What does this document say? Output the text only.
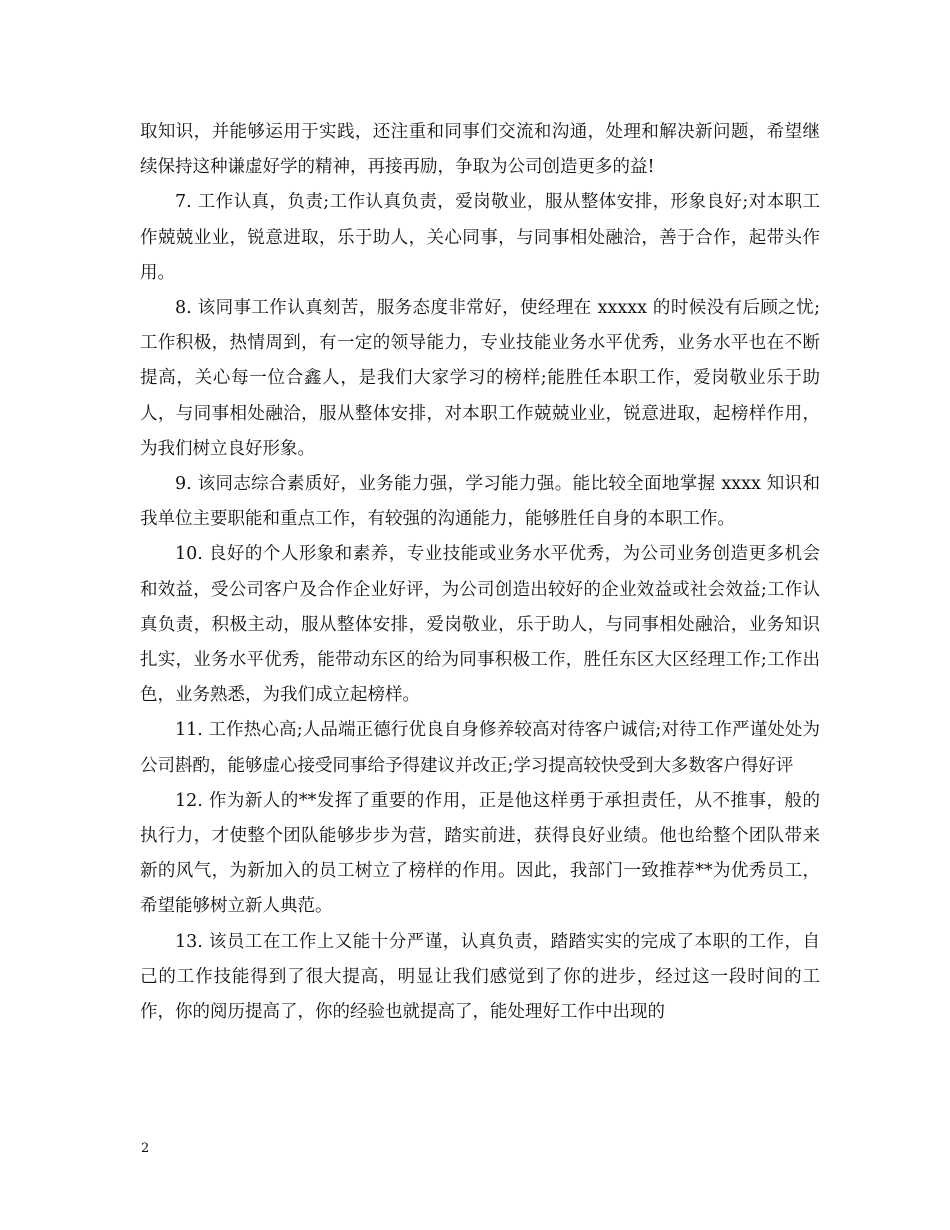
取知识，并能够运用于实践，还注重和同事们交流和沟通，处理和解决新问题，希望继续保持这种谦虚好学的精神，再接再励，争取为公司创造更多的益!

7. 工作认真，负责;工作认真负责，爱岗敬业，服从整体安排，形象良好;对本职工作兢兢业业，锐意进取，乐于助人，关心同事，与同事相处融洽，善于合作，起带头作用。

8. 该同事工作认真刻苦，服务态度非常好，使经理在 xxxxx 的时候没有后顾之忧;工作积极，热情周到，有一定的领导能力，专业技能业务水平优秀，业务水平也在不断提高，关心每一位合鑫人，是我们大家学习的榜样;能胜任本职工作，爱岗敬业乐于助人，与同事相处融洽，服从整体安排，对本职工作兢兢业业，锐意进取，起榜样作用，为我们树立良好形象。

9. 该同志综合素质好，业务能力强，学习能力强。能比较全面地掌握 xxxx 知识和我单位主要职能和重点工作，有较强的沟通能力，能够胜任自身的本职工作。

10. 良好的个人形象和素养，专业技能或业务水平优秀，为公司业务创造更多机会和效益，受公司客户及合作企业好评，为公司创造出较好的企业效益或社会效益;工作认真负责，积极主动，服从整体安排，爱岗敬业，乐于助人，与同事相处融洽，业务知识扎实，业务水平优秀，能带动东区的给为同事积极工作，胜任东区大区经理工作;工作出色，业务熟悉，为我们成立起榜样。

11. 工作热心高;人品端正德行优良自身修养较高对待客户诚信;对待工作严谨处处为公司斟酌，能够虚心接受同事给予得建议并改正;学习提高较快受到大多数客户得好评

12. 作为新人的**发挥了重要的作用，正是他这样勇于承担责任，从不推事，般的执行力，才使整个团队能够步步为营，踏实前进，获得良好业绩。他也给整个团队带来新的风气，为新加入的员工树立了榜样的作用。因此，我部门一致推荐**为优秀员工，希望能够树立新人典范。

13. 该员工在工作上又能十分严谨，认真负责，踏踏实实的完成了本职的工作，自己的工作技能得到了很大提高，明显让我们感觉到了你的进步，经过这一段时间的工作，你的阅历提高了，你的经验也就提高了，能处理好工作中出现的

2
